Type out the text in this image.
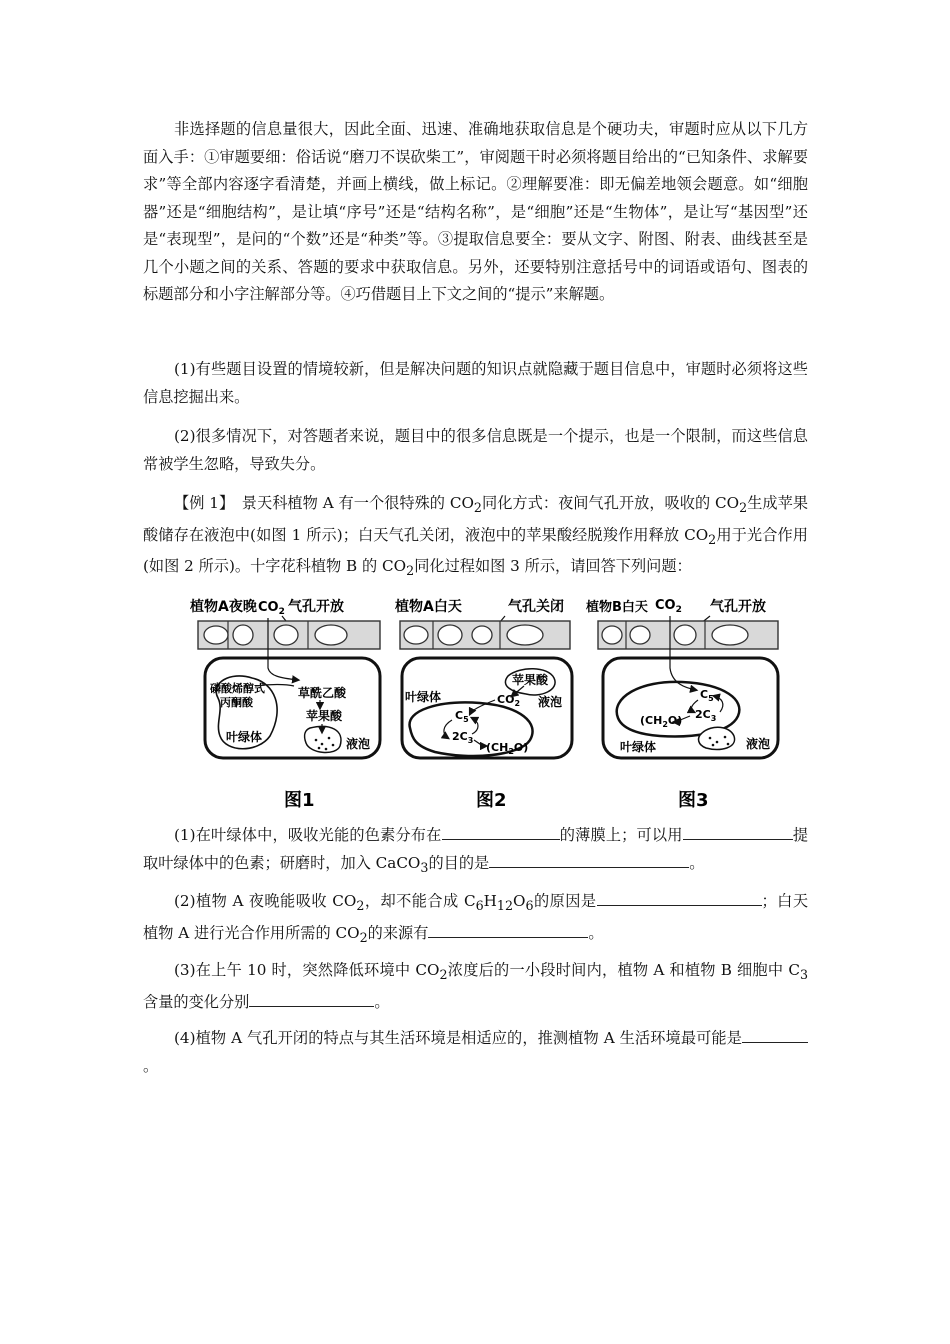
非选择题的信息量很大，因此全面、迅速、准确地获取信息是个硬功夫，审题时应从以下几方面入手：①审题要细：俗话说“磨刀不误砍柴工”，审阅题干时必须将题目给出的“已知条件、求解要求”等全部内容逐字看清楚，并画上横线，做上标记。②理解要准：即无偏差地领会题意。如“细胞器”还是“细胞结构”，是让填“序号”还是“结构名称”，是“细胞”还是“生物体”，是让写“基因型”还是“表现型”，是问的“个数”还是“种类”等。③提取信息要全：要从文字、附图、附表、曲线甚至是几个小题之间的关系、答题的要求中获取信息。另外，还要特别注意括号中的词语或语句、图表的标题部分和小字注解部分等。④巧借题目上下文之间的“提示”来解题。

(1)有些题目设置的情境较新，但是解决问题的知识点就隐藏于题目信息中，审题时必须将这些信息挖掘出来。

(2)很多情况下，对答题者来说，题目中的很多信息既是一个提示，也是一个限制，而这些信息常被学生忽略，导致失分。

【例 1】　 景天科植物 A 有一个很特殊的 $CO_2$同化方式：夜间气孔开放，吸收的 $CO_2$生成苹果酸储存在液泡中(如图 1 所示)；白天气孔关闭，液泡中的苹果酸经脱羧作用释放 $CO_2$用于光合作用(如图 2 所示)。十字花科植物 B 的 $CO_2$同化过程如图 3 所示，请回答下列问题：

植物A夜晚 $CO_2$ 气孔开放
磷酸烯醇式
丙酮酸
叶绿体
草酰乙酸
苹果酸
液泡
图1
植物A白天	气孔关闭
苹果酸
液泡
叶绿体	$CO_2$
$C_5$
$2C_3$
$(CH_2O)$
图2
植物B白天 $CO_2$ 气孔开放
$C_5$
$2C_3$
$(CH_2O)$
叶绿体	液泡
图3

(1)在叶绿体中，吸收光能的色素分布在	的薄膜上；可以用	提取叶绿体中的色素；研磨时，加入 CaCO$_3$的目的是	。

(2)植物 A 夜晚能吸收 $CO_2$，却不能合成 $C_6H_{12}O_6$的原因是	；白天植物 A 进行光合作用所需的 $CO_2$的来源有	。

(3)在上午 10 时，突然降低环境中 $CO_2$浓度后的一小段时间内，植物 A 和植物 B 细胞中 $C_3$含量的变化分别	。

(4)植物 A 气孔开闭的特点与其生活环境是相适应的，推测植物 A 生活环境最可能是。
